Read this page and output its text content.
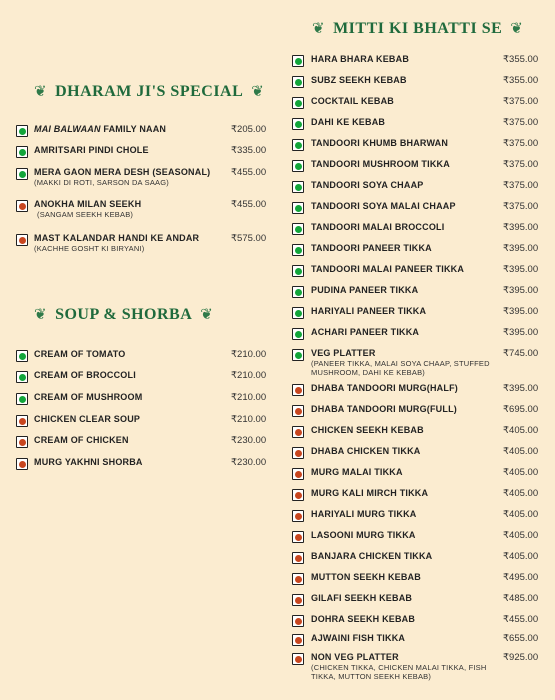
❦ DHARAM JI'S SPECIAL ❦
❦ SOUP & SHORBA ❦
❦ MITTI KI BHATTI SE ❦
MAI BALWAAN FAMILY NAAN	₹205.00
AMRITSARI PINDI CHOLE	₹335.00
MERA GAON MERA DESH (SEASONAL) ₹455.00
(MAKKI DI ROTI, SARSON DA SAAG)
ANOKHA MILAN SEEKH	₹455.00
(SANGAM SEEKH KEBAB)
MAST KALANDAR HANDI KE ANDAR	₹575.00
(KACHHE GOSHT KI BIRYANI)
CREAM OF TOMATO	₹210.00
CREAM OF BROCCOLI	₹210.00
CREAM OF MUSHROOM	₹210.00
CHICKEN CLEAR SOUP	₹210.00
CREAM OF CHICKEN	₹230.00
MURG YAKHNI SHORBA	₹230.00
HARA BHARA KEBAB	₹355.00
SUBZ SEEKH KEBAB	₹355.00
COCKTAIL KEBAB	₹375.00
DAHI KE KEBAB	₹375.00
TANDOORI KHUMB BHARWAN	₹375.00
TANDOORI MUSHROOM TIKKA	₹375.00
TANDOORI SOYA CHAAP	₹375.00
TANDOORI SOYA MALAI CHAAP	₹375.00
TANDOORI MALAI BROCCOLI	₹395.00
TANDOORI PANEER TIKKA	₹395.00
TANDOORI MALAI PANEER TIKKA	₹395.00
PUDINA PANEER TIKKA	₹395.00
HARIYALI PANEER TIKKA	₹395.00
ACHARI PANEER TIKKA	₹395.00
VEG PLATTER	₹745.00
(PANEER TIKKA, MALAI SOYA CHAAP, STUFFED
MUSHROOM, DAHI KE KEBAB)
DHABA TANDOORI MURG(HALF)	₹395.00
DHABA TANDOORI MURG(FULL)	₹695.00
CHICKEN SEEKH KEBAB	₹405.00
DHABA CHICKEN TIKKA	₹405.00
MURG MALAI TIKKA	₹405.00
MURG KALI MIRCH TIKKA	₹405.00
HARIYALI MURG TIKKA	₹405.00
LASOONI MURG TIKKA	₹405.00
BANJARA CHICKEN TIKKA	₹405.00
MUTTON SEEKH KEBAB	₹495.00
GILAFI SEEKH KEBAB	₹485.00
DOHRA SEEKH KEBAB	₹455.00
AJWAINI FISH TIKKA	₹655.00
NON VEG PLATTER	₹925.00
(CHICKEN TIKKA, CHICKEN MALAI TIKKA, FISH
TIKKA, MUTTON SEEKH KEBAB)
